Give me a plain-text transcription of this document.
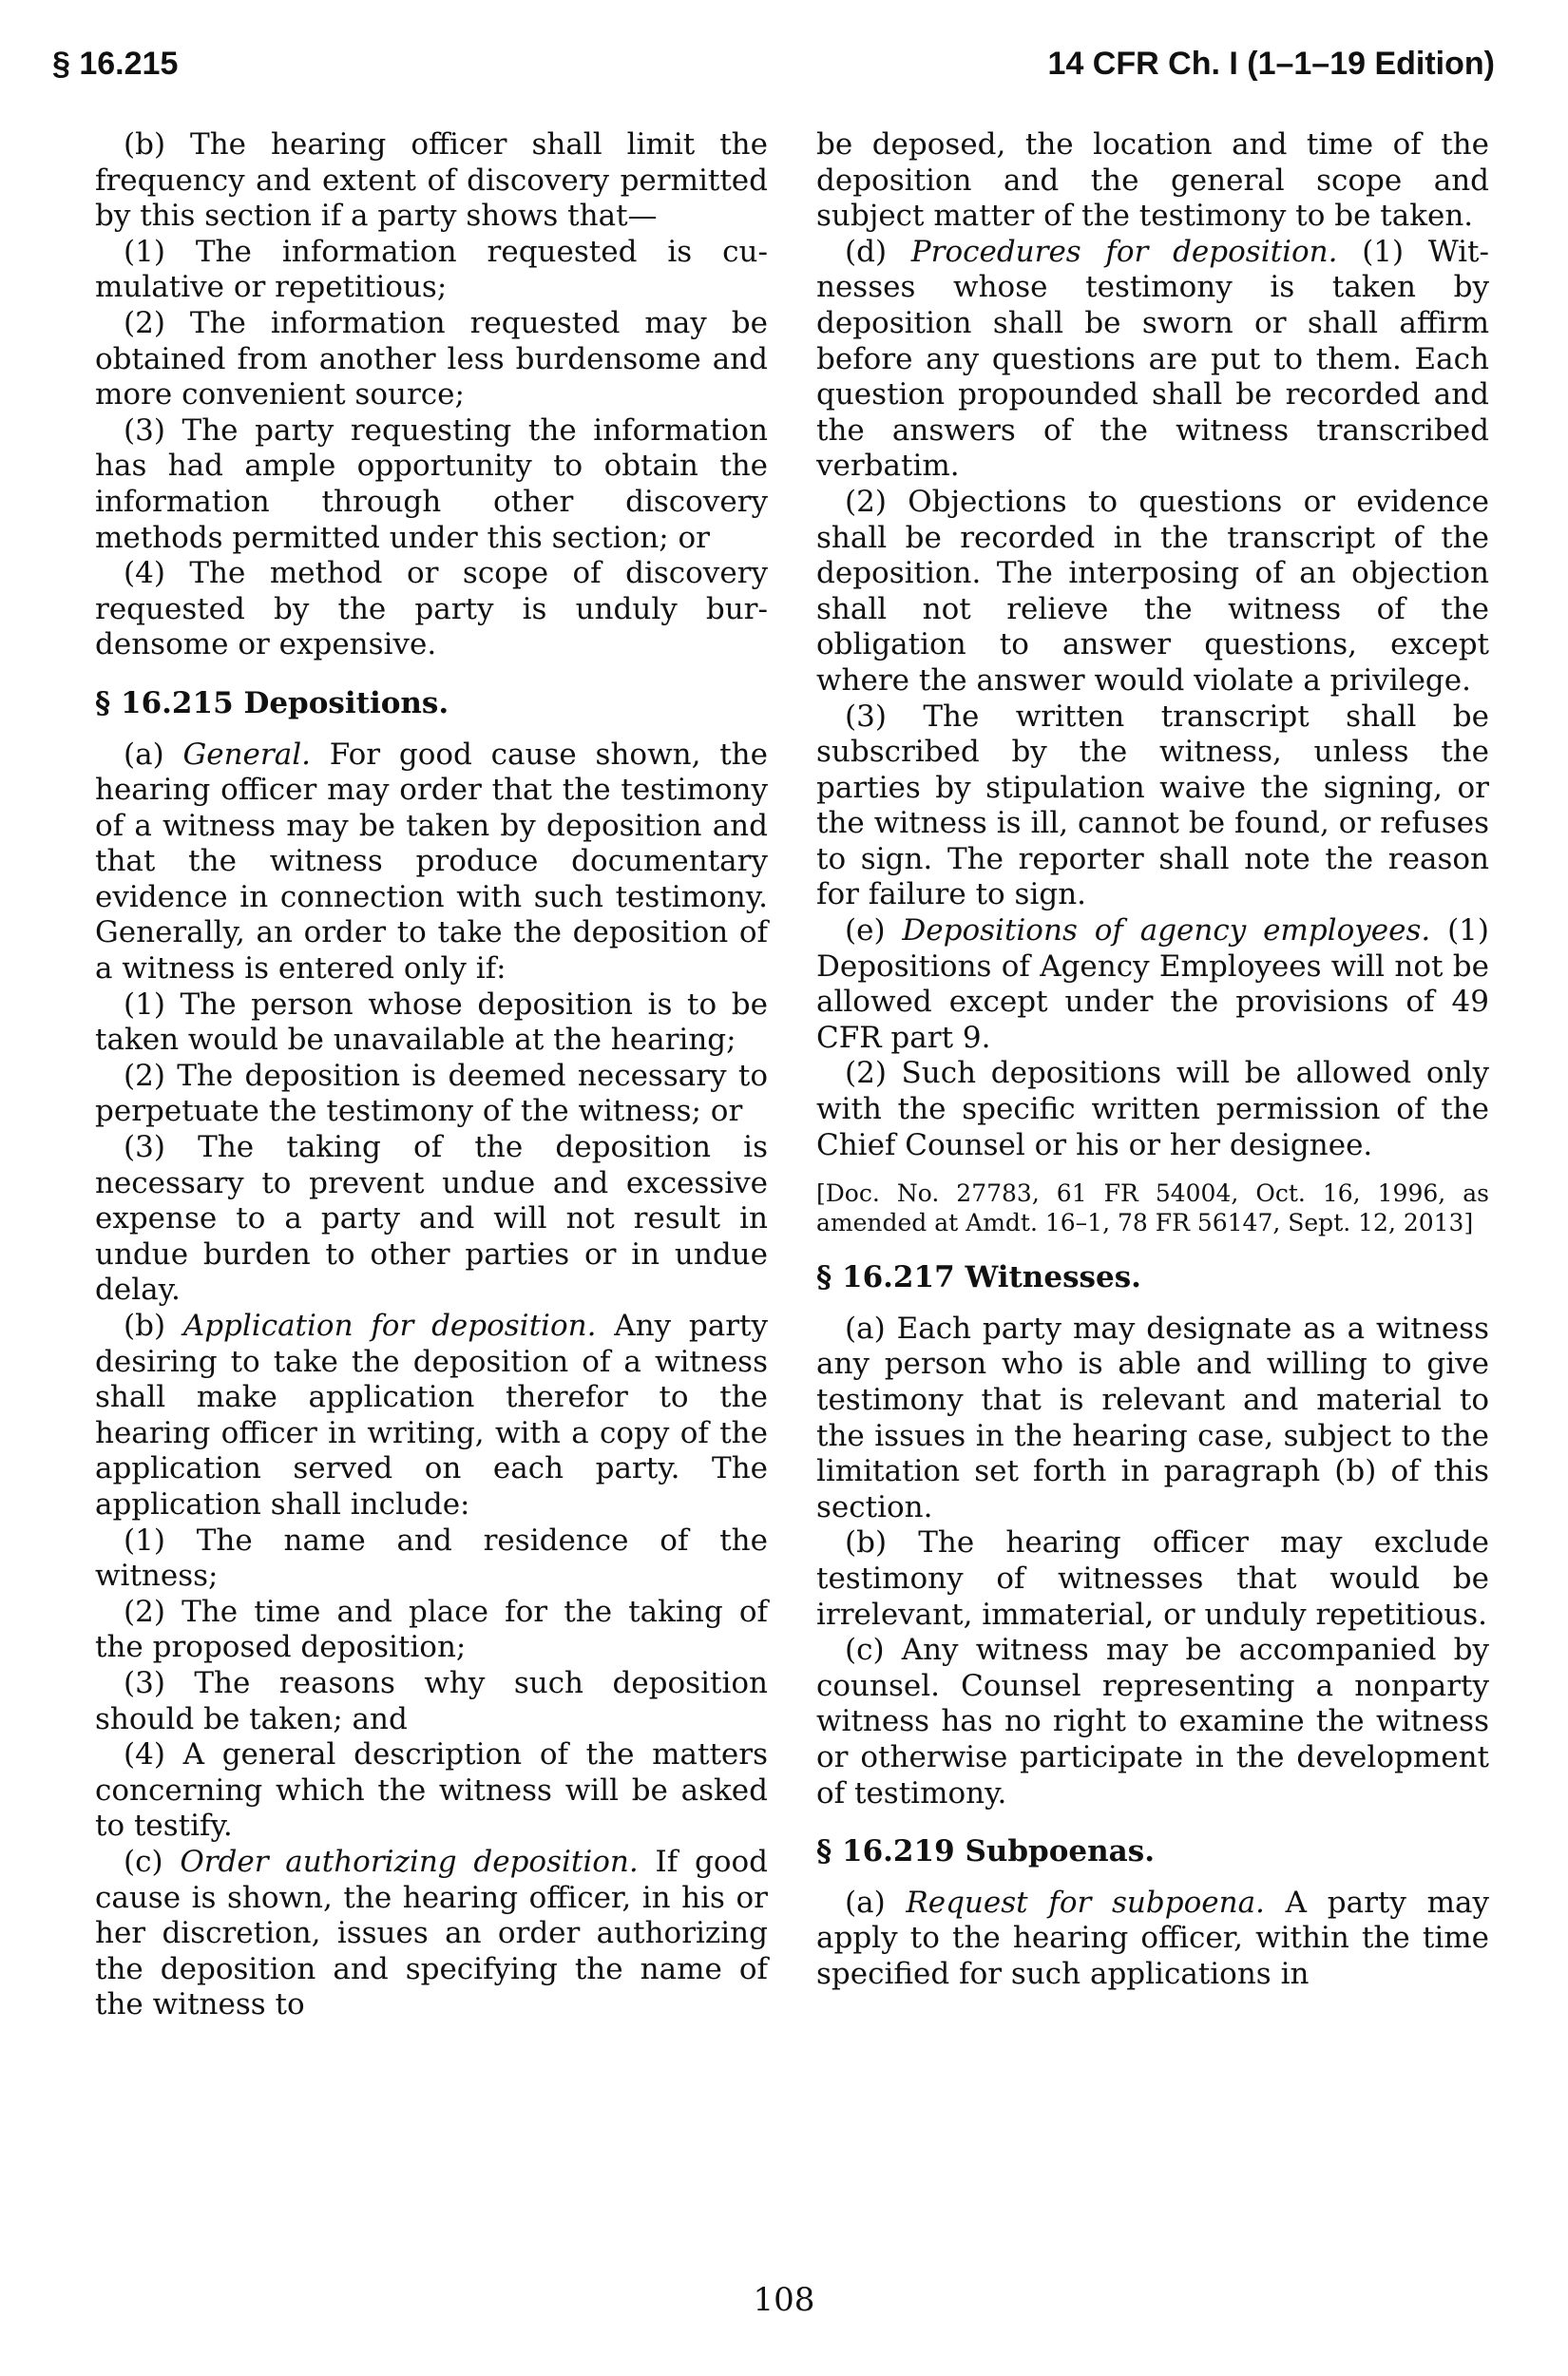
§ 16.215	14 CFR Ch. I (1–1–19 Edition)

(b) The hearing officer shall limit the frequency and extent of discovery permitted by this section if a party shows that—

(1) The information requested is cumulative or repetitious;

(2) The information requested may be obtained from another less burdensome and more convenient source;

(3) The party requesting the information has had ample opportunity to obtain the information through other discovery methods permitted under this section; or

(4) The method or scope of discovery requested by the party is unduly burdensome or expensive.

§ 16.215 Depositions.

(a) General. For good cause shown, the hearing officer may order that the testimony of a witness may be taken by deposition and that the witness produce documentary evidence in connection with such testimony. Generally, an order to take the deposition of a witness is entered only if:

(1) The person whose deposition is to be taken would be unavailable at the hearing;

(2) The deposition is deemed necessary to perpetuate the testimony of the witness; or

(3) The taking of the deposition is necessary to prevent undue and excessive expense to a party and will not result in undue burden to other parties or in undue delay.

(b) Application for deposition. Any party desiring to take the deposition of a witness shall make application therefor to the hearing officer in writing, with a copy of the application served on each party. The application shall include:

(1) The name and residence of the witness;

(2) The time and place for the taking of the proposed deposition;

(3) The reasons why such deposition should be taken; and

(4) A general description of the matters concerning which the witness will be asked to testify.

(c) Order authorizing deposition. If good cause is shown, the hearing officer, in his or her discretion, issues an order authorizing the deposition and specifying the name of the witness to

be deposed, the location and time of the deposition and the general scope and subject matter of the testimony to be taken.

(d) Procedures for deposition. (1) Witnesses whose testimony is taken by deposition shall be sworn or shall affirm before any questions are put to them. Each question propounded shall be recorded and the answers of the witness transcribed verbatim.

(2) Objections to questions or evidence shall be recorded in the transcript of the deposition. The interposing of an objection shall not relieve the witness of the obligation to answer questions, except where the answer would violate a privilege.

(3) The written transcript shall be subscribed by the witness, unless the parties by stipulation waive the signing, or the witness is ill, cannot be found, or refuses to sign. The reporter shall note the reason for failure to sign.

(e) Depositions of agency employees. (1) Depositions of Agency Employees will not be allowed except under the provisions of 49 CFR part 9.

(2) Such depositions will be allowed only with the specific written permission of the Chief Counsel or his or her designee.

[Doc. No. 27783, 61 FR 54004, Oct. 16, 1996, as amended at Amdt. 16–1, 78 FR 56147, Sept. 12, 2013]

§ 16.217 Witnesses.

(a) Each party may designate as a witness any person who is able and willing to give testimony that is relevant and material to the issues in the hearing case, subject to the limitation set forth in paragraph (b) of this section.

(b) The hearing officer may exclude testimony of witnesses that would be irrelevant, immaterial, or unduly repetitious.

(c) Any witness may be accompanied by counsel. Counsel representing a nonparty witness has no right to examine the witness or otherwise participate in the development of testimony.

§ 16.219 Subpoenas.

(a) Request for subpoena. A party may apply to the hearing officer, within the time specified for such applications in

108
